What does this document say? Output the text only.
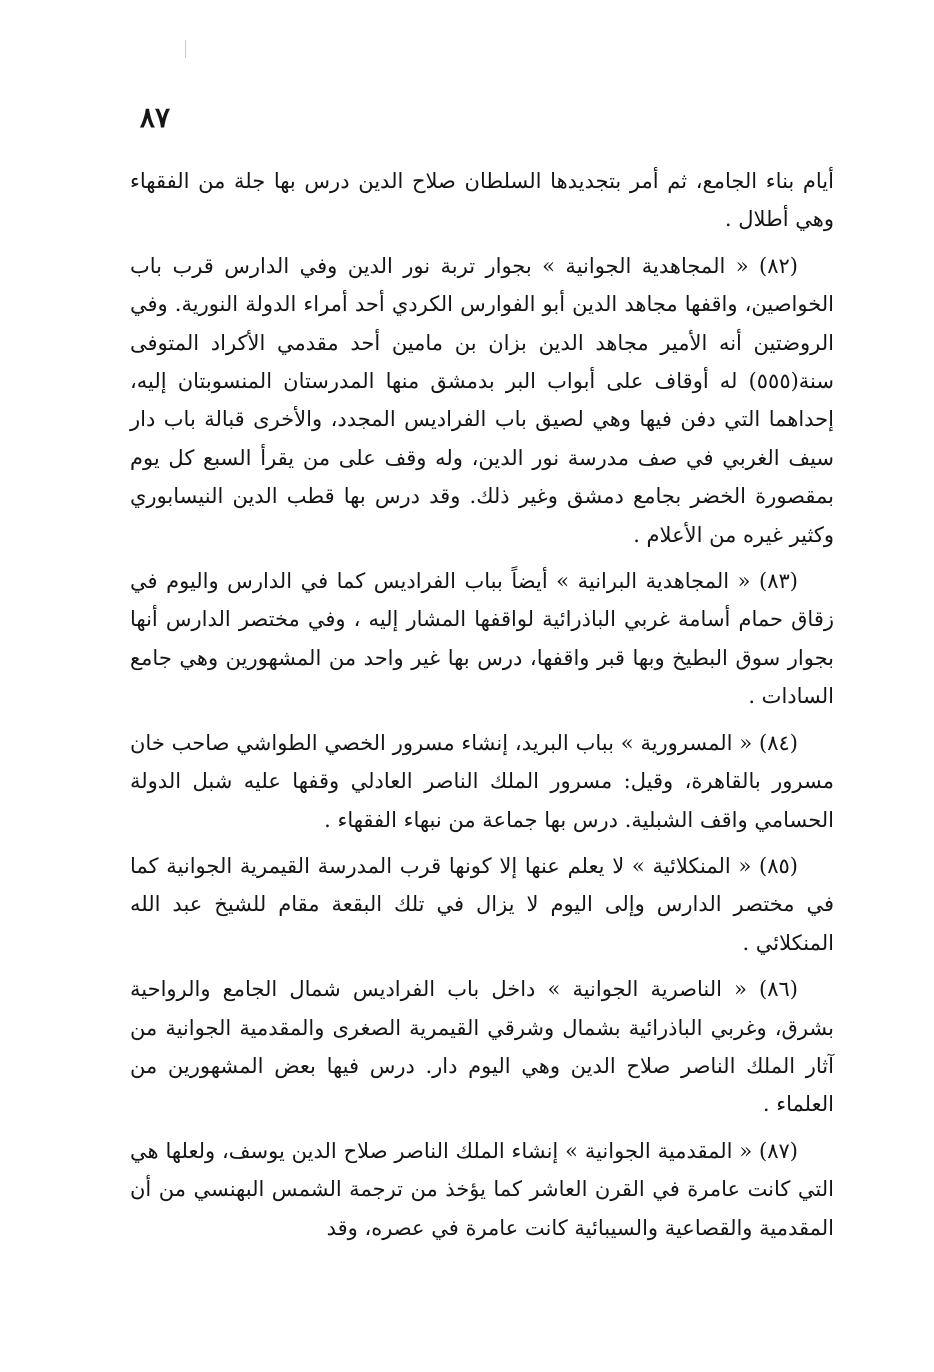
٨٧

أيام بناء الجامع، ثم أمر بتجديدها السلطان صلاح الدين درس بها جلة من الفقهاء وهي أطلال .

(٨٢) « المجاهدية الجوانية » بجوار تربة نور الدين وفي الدارس قرب باب الخواصين، واقفها مجاهد الدين أبو الفوارس الكردي أحد أمراء الدولة النورية. وفي الروضتين أنه الأمير مجاهد الدين بزان بن مامين أحد مقدمي الأكراد المتوفى سنة(٥٥٥) له أوقاف على أبواب البر بدمشق منها المدرستان المنسوبتان إليه، إحداهما التي دفن فيها وهي لصيق باب الفراديس المجدد، والأخرى قبالة باب دار سيف الغربي في صف مدرسة نور الدين، وله وقف على من يقرأ السبع كل يوم بمقصورة الخضر بجامع دمشق وغير ذلك. وقد درس بها قطب الدين النيسابوري وكثير غيره من الأعلام .

(٨٣) « المجاهدية البرانية » أيضاً بباب الفراديس كما في الدارس واليوم في زقاق حمام أسامة غربي الباذرائية لواقفها المشار إليه ، وفي مختصر الدارس أنها بجوار سوق البطيخ وبها قبر واقفها، درس بها غير واحد من المشهورين وهي جامع السادات .

(٨٤) « المسرورية » بباب البريد، إنشاء مسرور الخصي الطواشي صاحب خان مسرور بالقاهرة، وقيل: مسرور الملك الناصر العادلي وقفها عليه شبل الدولة الحسامي واقف الشبلية. درس بها جماعة من نبهاء الفقهاء .

(٨٥) « المنكلائية » لا يعلم عنها إلا كونها قرب المدرسة القيمرية الجوانية كما في مختصر الدارس وإلى اليوم لا يزال في تلك البقعة مقام للشيخ عبد الله المنكلائي .

(٨٦) « الناصرية الجوانية » داخل باب الفراديس شمال الجامع والرواحية بشرق، وغربي الباذرائية بشمال وشرقي القيمرية الصغرى والمقدمية الجوانية من آثار الملك الناصر صلاح الدين وهي اليوم دار. درس فيها بعض المشهورين من العلماء .

(٨٧) « المقدمية الجوانية » إنشاء الملك الناصر صلاح الدين يوسف، ولعلها هي التي كانت عامرة في القرن العاشر كما يؤخذ من ترجمة الشمس البهنسي من أن المقدمية والقصاعية والسيبائية كانت عامرة في عصره، وقد
